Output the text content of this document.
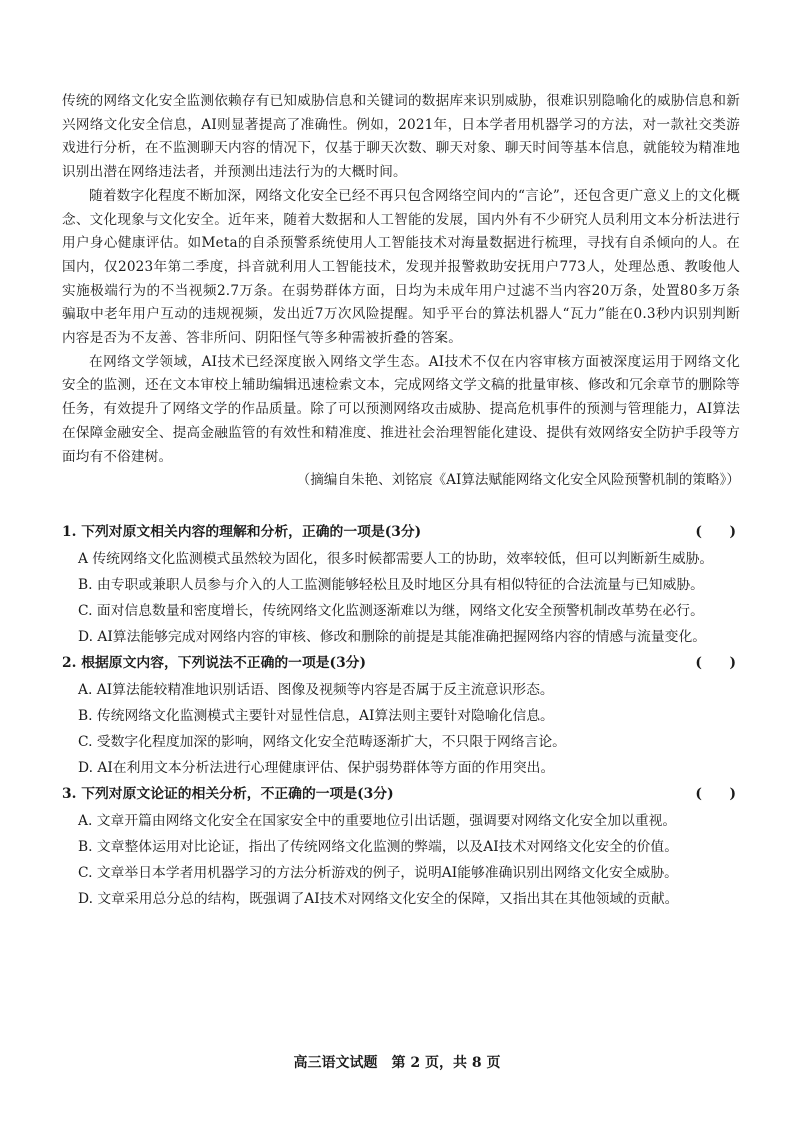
传统的网络文化安全监测依赖存有已知威胁信息和关键词的数据库来识别威胁，很难识别隐喻化的威胁信息和新兴网络文化安全信息，AI则显著提高了准确性。例如，2021年，日本学者用机器学习的方法，对一款社交类游戏进行分析，在不监测聊天内容的情况下，仅基于聊天次数、聊天对象、聊天时间等基本信息，就能较为精准地识别出潜在网络违法者，并预测出违法行为的大概时间。

随着数字化程度不断加深，网络文化安全已经不再只包含网络空间内的“言论”，还包含更广意义上的文化概念、文化现象与文化安全。近年来，随着大数据和人工智能的发展，国内外有不少研究人员利用文本分析法进行用户身心健康评估。如Meta的自杀预警系统使用人工智能技术对海量数据进行梳理，寻找有自杀倾向的人。在国内，仅2023年第二季度，抖音就利用人工智能技术，发现并报警救助安抚用户773人，处理怂恿、教唆他人实施极端行为的不当视频2.7万条。在弱势群体方面，日均为未成年用户过滤不当内容20万条，处置80多万条骗取中老年用户互动的违规视频，发出近7万次风险提醒。知乎平台的算法机器人“瓦力”能在0.3秒内识别判断内容是否为不友善、答非所问、阴阳怪气等多种需被折叠的答案。

在网络文学领域，AI技术已经深度嵌入网络文学生态。AI技术不仅在内容审核方面被深度运用于网络文化安全的监测，还在文本审校上辅助编辑迅速检索文本，完成网络文学文稿的批量审核、修改和冗余章节的删除等任务，有效提升了网络文学的作品质量。除了可以预测网络攻击威胁、提高危机事件的预测与管理能力，AI算法在保障金融安全、提高金融监管的有效性和精准度、推进社会治理智能化建设、提供有效网络安全防护手段等方面均有不俗建树。

（摘编自朱艳、刘铭宸《AI算法赋能网络文化安全风险预警机制的策略》）

1. 下列对原文相关内容的理解和分析，正确的一项是(3分)	(　　)
A 传统网络文化监测模式虽然较为固化，很多时候都需要人工的协助，效率较低，但可以判断新生威胁。
B. 由专职或兼职人员参与介入的人工监测能够轻松且及时地区分具有相似特征的合法流量与已知威胁。
C. 面对信息数量和密度增长，传统网络文化监测逐渐难以为继，网络文化安全预警机制改革势在必行。
D. AI算法能够完成对网络内容的审核、修改和删除的前提是其能准确把握网络内容的情感与流量变化。
2. 根据原文内容，下列说法不正确的一项是(3分)	(　　)
A. AI算法能较精准地识别话语、图像及视频等内容是否属于反主流意识形态。
B. 传统网络文化监测模式主要针对显性信息，AI算法则主要针对隐喻化信息。
C. 受数字化程度加深的影响，网络文化安全范畴逐渐扩大，不只限于网络言论。
D. AI在利用文本分析法进行心理健康评估、保护弱势群体等方面的作用突出。
3. 下列对原文论证的相关分析，不正确的一项是(3分)	(　　)
A. 文章开篇由网络文化安全在国家安全中的重要地位引出话题，强调要对网络文化安全加以重视。
B. 文章整体运用对比论证，指出了传统网络文化监测的弊端，以及AI技术对网络文化安全的价值。
C. 文章举日本学者用机器学习的方法分析游戏的例子，说明AI能够准确识别出网络文化安全威胁。
D. 文章采用总分总的结构，既强调了AI技术对网络文化安全的保障，又指出其在其他领域的贡献。
高三语文试题　第 2 页，共 8 页
